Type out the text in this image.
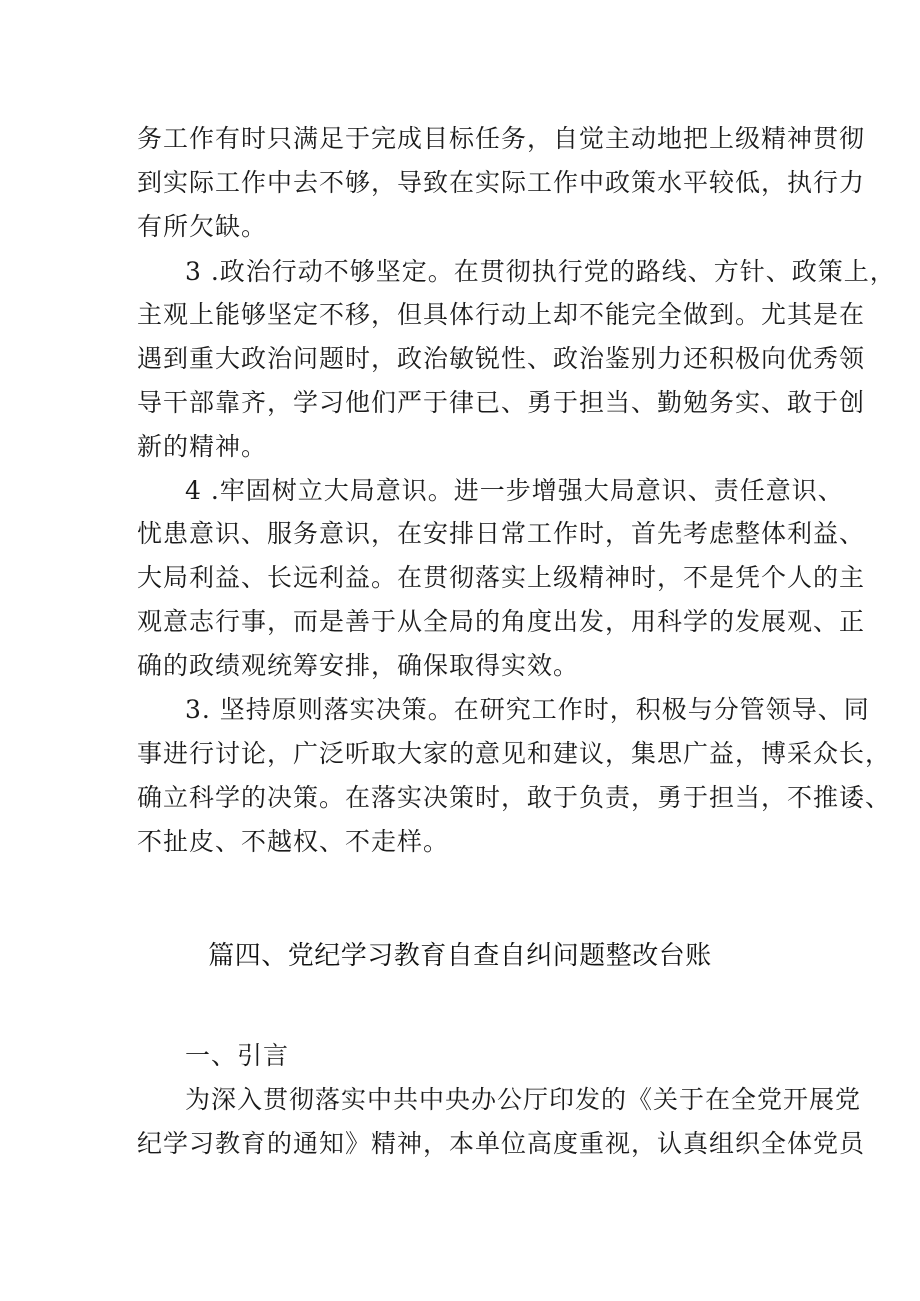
务工作有时只满足于完成目标任务，自觉主动地把上级精神贯彻
到实际工作中去不够，导致在实际工作中政策水平较低，执行力
有所欠缺。
3 .政治行动不够坚定。在贯彻执行党的路线、方针、政策上，
主观上能够坚定不移，但具体行动上却不能完全做到。尤其是在
遇到重大政治问题时，政治敏锐性、政治鉴别力还积极向优秀领
导干部靠齐，学习他们严于律已、勇于担当、勤勉务实、敢于创
新的精神。
4 .牢固树立大局意识。进一步增强大局意识、责任意识、
忧患意识、服务意识，在安排日常工作时，首先考虑整体利益、
大局利益、长远利益。在贯彻落实上级精神时，不是凭个人的主
观意志行事，而是善于从全局的角度出发，用科学的发展观、正
确的政绩观统筹安排，确保取得实效。
3. 坚持原则落实决策。在研究工作时，积极与分管领导、同
事进行讨论，广泛听取大家的意见和建议，集思广益，博采众长，
确立科学的决策。在落实决策时，敢于负责，勇于担当，不推诿、
不扯皮、不越权、不走样。
篇四、党纪学习教育自查自纠问题整改台账
一、引言
为深入贯彻落实中共中央办公厅印发的《关于在全党开展党
纪学习教育的通知》精神，本单位高度重视，认真组织全体党员
